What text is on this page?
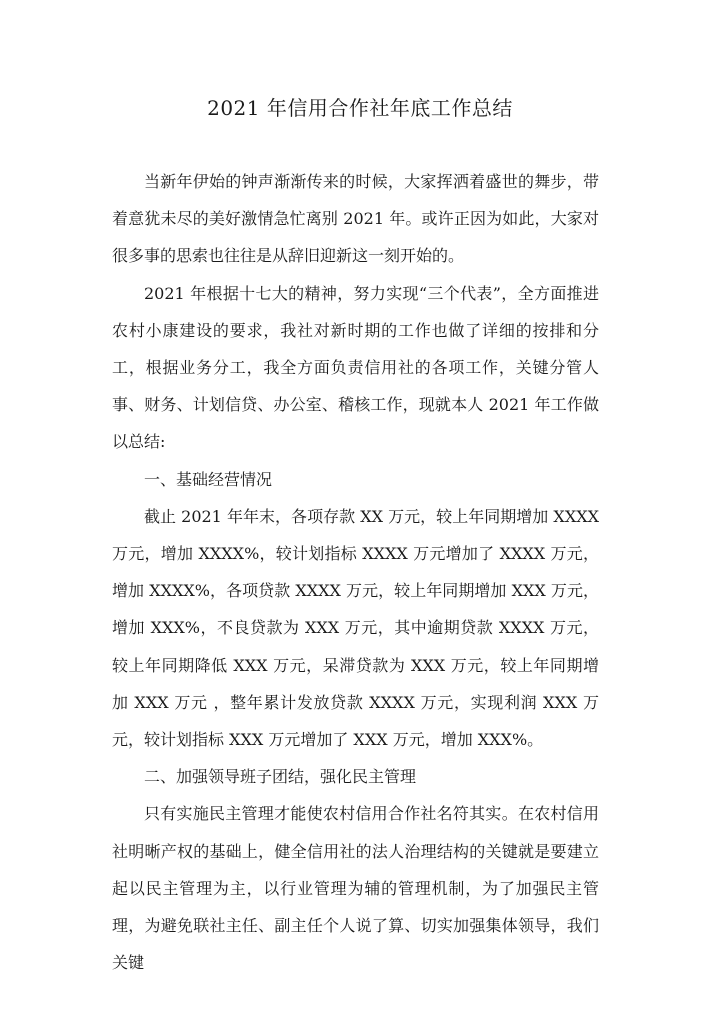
2021 年信用合作社年底工作总结

当新年伊始的钟声渐渐传来的时候，大家挥洒着盛世的舞步，带着意犹未尽的美好激情急忙离别 2021 年。或许正因为如此，大家对很多事的思索也往往是从辞旧迎新这一刻开始的。

2021 年根据十七大的精神，努力实现“三个代表”，全方面推进农村小康建设的要求，我社对新时期的工作也做了详细的按排和分工，根据业务分工，我全方面负责信用社的各项工作，关键分管人事、财务、计划信贷、办公室、稽核工作，现就本人 2021 年工作做以总结:

一、基础经营情况

截止 2021 年年末，各项存款 XX 万元，较上年同期增加 XXXX 万元，增加 XXXX%，较计划指标 XXXX 万元增加了 XXXX 万元，增加 XXXX%，各项贷款 XXXX 万元，较上年同期增加 XXX 万元，增加 XXX%，不良贷款为 XXX 万元，其中逾期贷款 XXXX 万元，较上年同期降低 XXX 万元，呆滞贷款为 XXX 万元，较上年同期增加 XXX 万元 ，整年累计发放贷款 XXXX 万元，实现利润 XXX 万元，较计划指标 XXX 万元增加了 XXX 万元，增加 XXX%。

二、加强领导班子团结，强化民主管理

只有实施民主管理才能使农村信用合作社名符其实。在农村信用社明晰产权的基础上，健全信用社的法人治理结构的关键就是要建立起以民主管理为主，以行业管理为辅的管理机制，为了加强民主管理，为避免联社主任、副主任个人说了算、切实加强集体领导，我们关键
